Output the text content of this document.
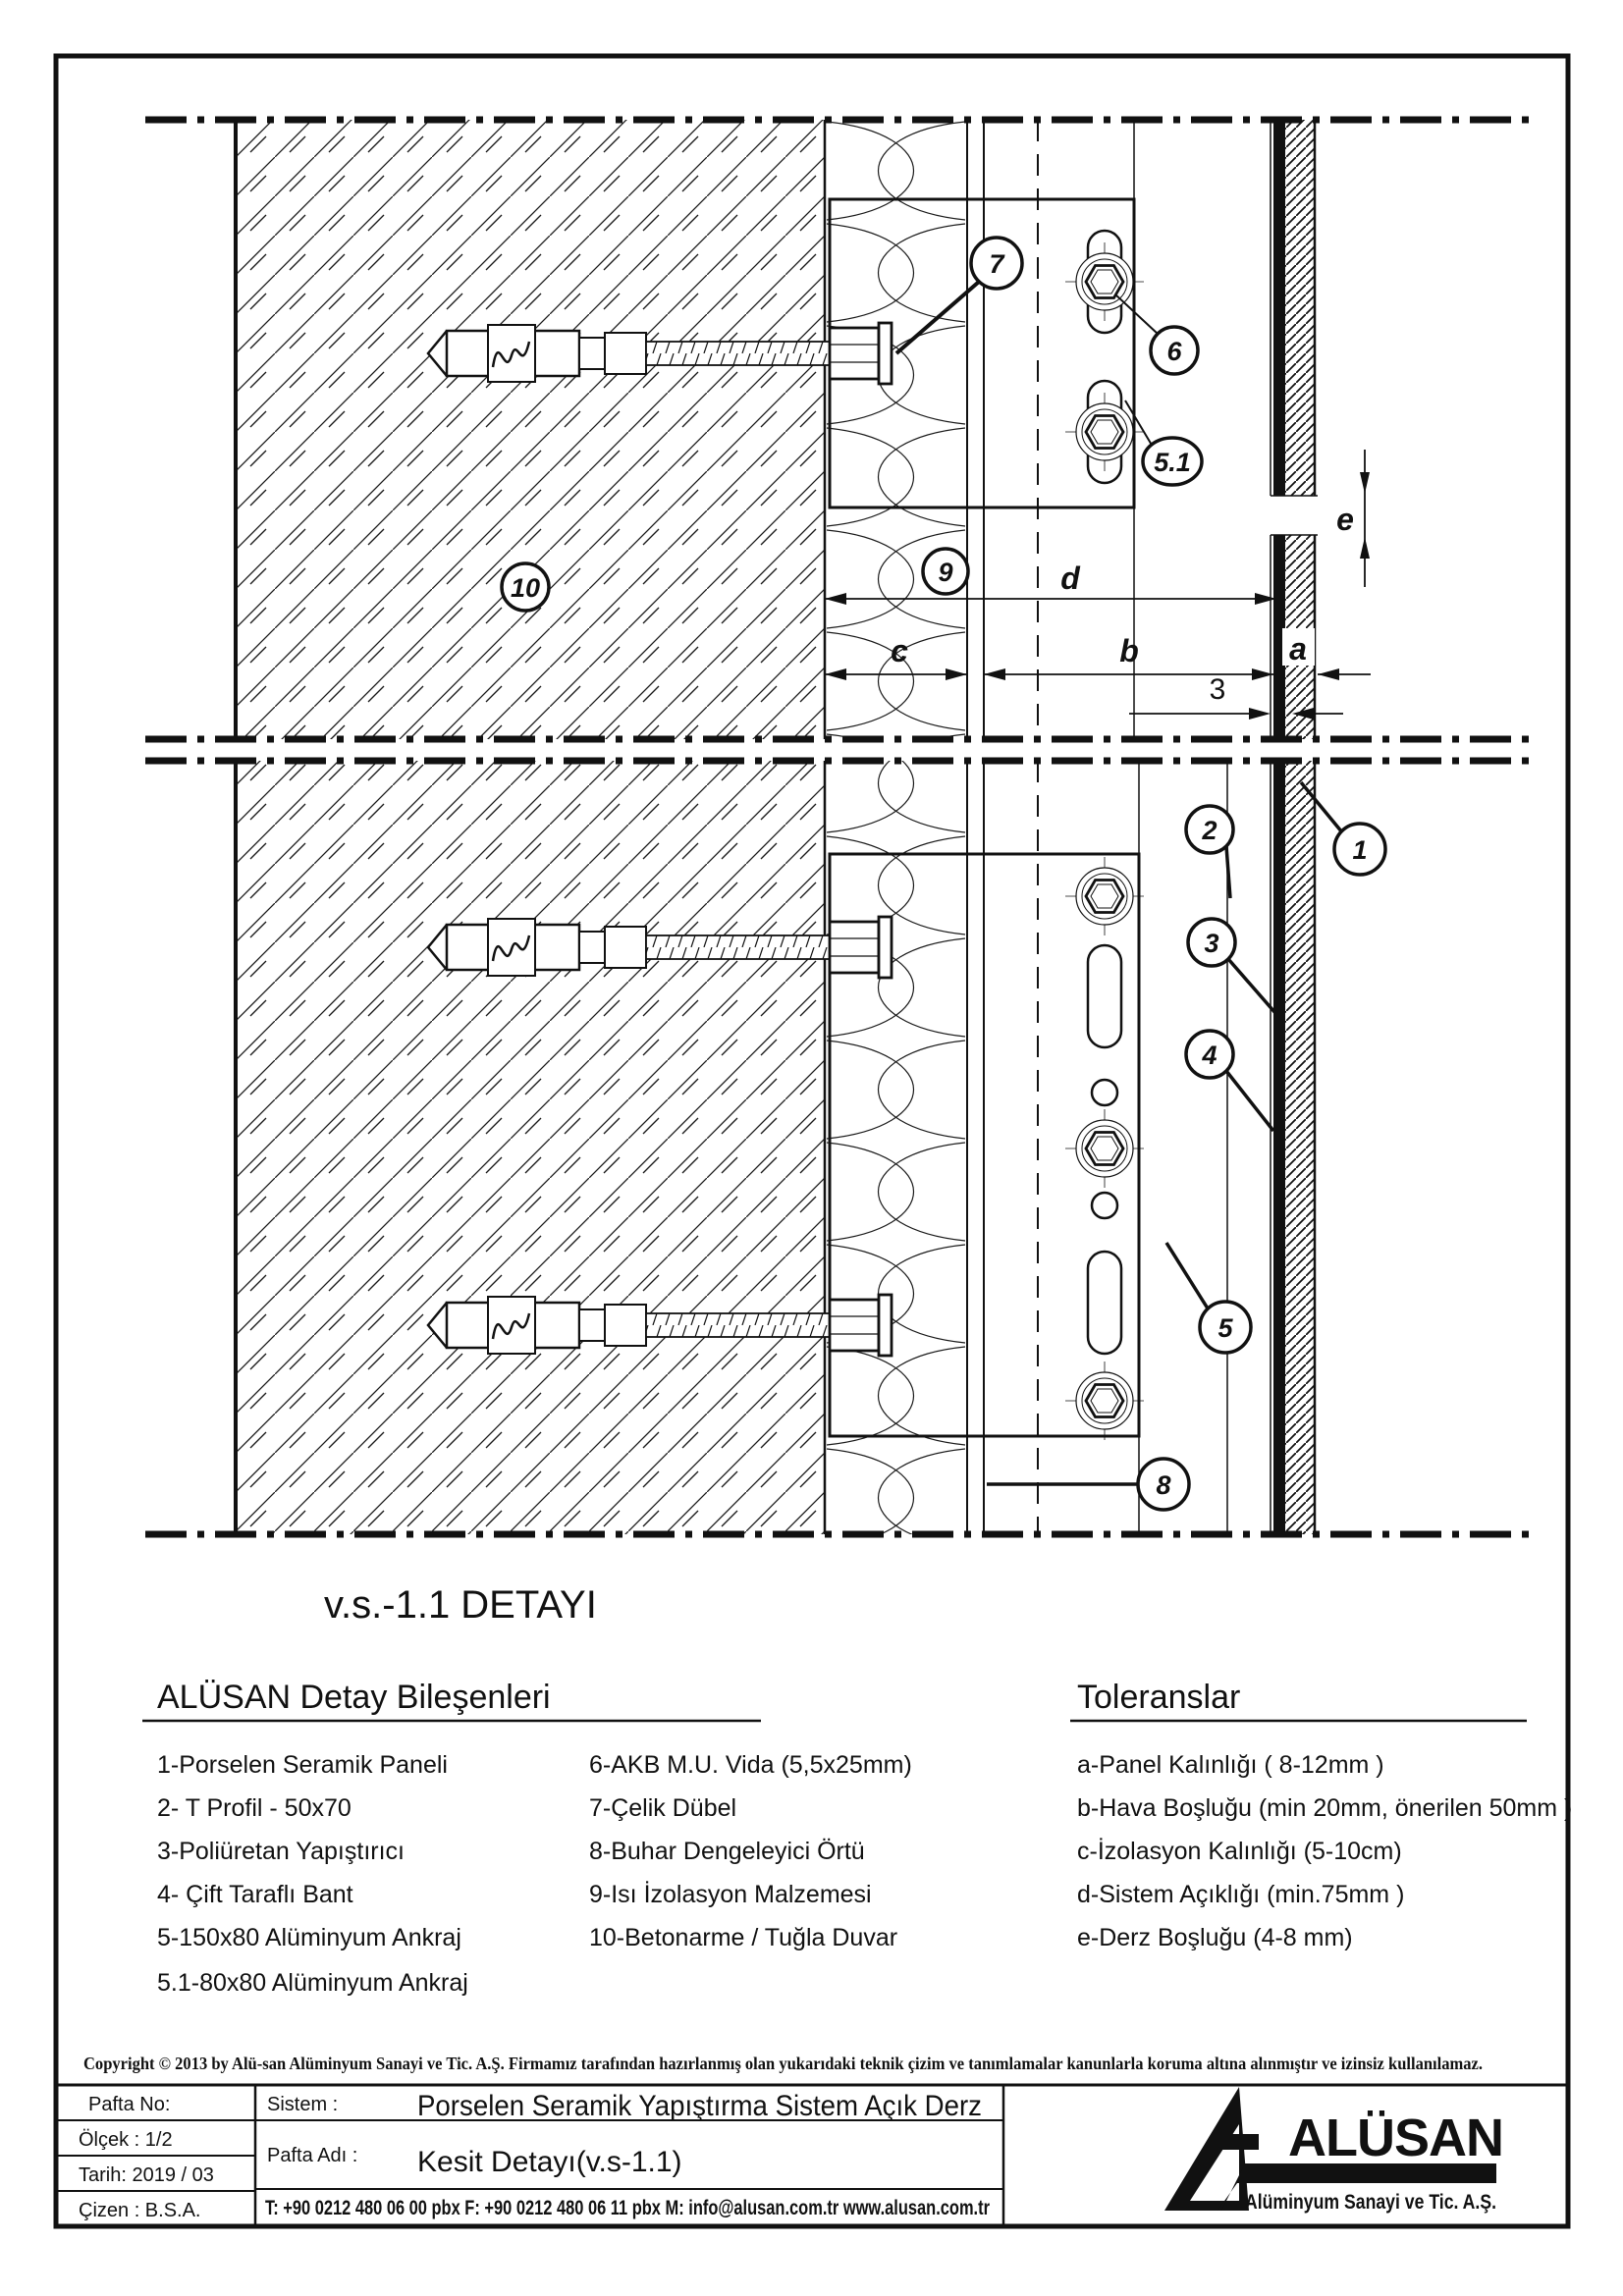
d
c	b	a
3
e
7
6
5.1
9
10
1
2
3
4
5
8
v.s.-1.1 DETAYI
ALÜSAN Detay Bileşenleri
1-Porselen Seramik Paneli
2- T Profil - 50x70
3-Poliüretan Yapıştırıcı
4- Çift Taraflı Bant
5-150x80 Alüminyum Ankraj
5.1-80x80 Alüminyum Ankraj
6-AKB M.U. Vida (5,5x25mm)
7-Çelik Dübel
8-Buhar Dengeleyici Örtü
9-Isı İzolasyon Malzemesi
10-Betonarme / Tuğla Duvar
Toleranslar
a-Panel Kalınlığı ( 8-12mm )
b-Hava Boşluğu (min 20mm, önerilen 50mm )
c-İzolasyon Kalınlığı (5-10cm)
d-Sistem Açıklığı (min.75mm )
e-Derz Boşluğu (4-8 mm)
Copyright © 2013 by Alü-san Alüminyum Sanayi ve Tic. A.Ş. Firmamız tarafından hazırlanmış olan yukarıdaki teknik çizim ve tanımlamalar kanunlarla koruma altına alınmıştır ve izinsiz kullanılamaz.
Pafta No:
Ölçek : 1/2
Tarih: 2019 / 03
Çizen : B.S.A.
Sistem :	Porselen Seramik Yapıştırma Sistem Açık Derz
Pafta Adı : Kesit Detayı(v.s-1.1)
T: +90 0212 480 06 00 pbx F: +90 0212 480 06 11 pbx M: info@alusan.com.tr www.alusan.com.tr
ALÜSAN
Alüminyum Sanayi ve Tic. A.Ş.
